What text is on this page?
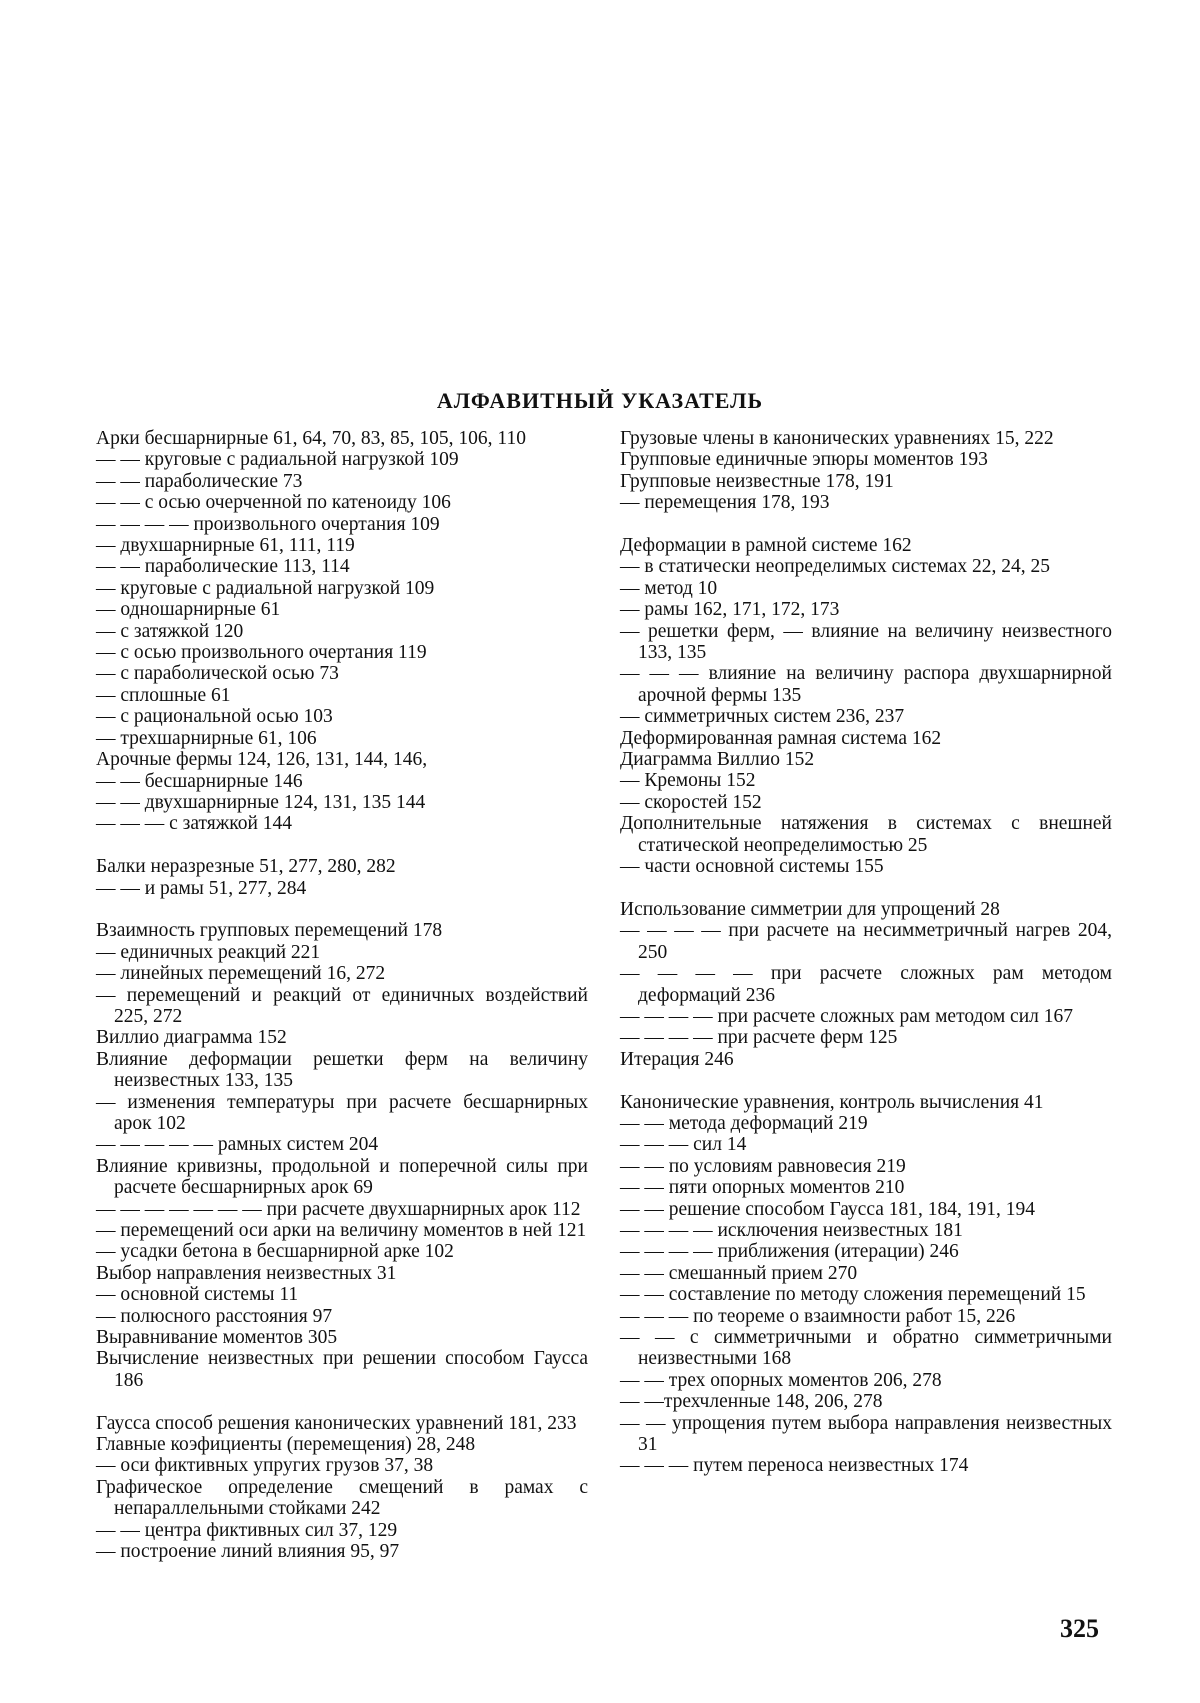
АЛФАВИТНЫЙ УКАЗАТЕЛЬ
Арки бесшарнирные 61, 64, 70, 83, 85, 105, 106, 110
— — круговые с радиальной нагрузкой 109
— — параболические 73
— — с осью очерченной по катеноиду 106
— — — — произвольного очертания 109
— двухшарнирные 61, 111, 119
— — параболические 113, 114
— круговые с радиальной нагрузкой 109
— одношарнирные 61
— с затяжкой 120
— с осью произвольного очертания 119
— с параболической осью 73
— сплошные 61
— с рациональной осью 103
— трехшарнирные 61, 106
Арочные фермы 124, 126, 131, 144, 146,
— — бесшарнирные 146
— — двухшарнирные 124, 131, 135 144
— — — с затяжкой 144
Балки неразрезные 51, 277, 280, 282
— — и рамы 51, 277, 284
Взаимность групповых перемещений 178
— единичных реакций 221
— линейных перемещений 16, 272
— перемещений и реакций от единичных воздействий 225, 272
Виллио диаграмма 152
Влияние деформации решетки ферм на величину неизвестных 133, 135
— изменения температуры при расчете бесшарнирных арок 102
— — — — — рамных систем 204
Влияние кривизны, продольной и поперечной силы при расчете бесшарнирных арок 69
— — — — — — — при расчете двухшарнирных арок 112
— перемещений оси арки на величину моментов в ней 121
— усадки бетона в бесшарнирной арке 102
Выбор направления неизвестных 31
— основной системы 11
— полюсного расстояния 97
Выравнивание моментов 305
Вычисление неизвестных при решении способом Гаусса 186
Гаусса способ решения канонических уравнений 181, 233
Главные коэфициенты (перемещения) 28, 248
— оси фиктивных упругих грузов 37, 38
Графическое определение смещений в рамах с непараллельными стойками 242
— — центра фиктивных сил 37, 129
— построение линий влияния 95, 97
Грузовые члены в канонических уравнениях 15, 222
Групповые единичные эпюры моментов 193
Групповые неизвестные 178, 191
— перемещения 178, 193
Деформации в рамной системе 162
— в статически неопределимых системах 22, 24, 25
— метод 10
— рамы 162, 171, 172, 173
— решетки ферм, — влияние на величину неизвестного 133, 135
— — — влияние на величину распора двухшарнирной арочной фермы 135
— симметричных систем 236, 237
Деформированная рамная система 162
Диаграмма Виллио 152
— Кремоны 152
— скоростей 152
Дополнительные натяжения в системах с внешней статической неопределимостью 25
— части основной системы 155
Использование симметрии для упрощений 28
— — — — при расчете на несимметричный нагрев 204, 250
— — — — при расчете сложных рам методом деформаций 236
— — — — при расчете сложных рам методом сил 167
— — — — при расчете ферм 125
Итерация 246
Канонические уравнения, контроль вычисления 41
— — метода деформаций 219
— — — сил 14
— — по условиям равновесия 219
— — пяти опорных моментов 210
— — решение способом Гаусса 181, 184, 191, 194
— — — — исключения неизвестных 181
— — — — приближения (итерации) 246
— — смешанный прием 270
— — составление по методу сложения перемещений 15
— — — по теореме о взаимности работ 15, 226
— — с симметричными и обратно симметричными неизвестными 168
— — трех опорных моментов 206, 278
— —трехчленные 148, 206, 278
— — упрощения путем выбора направления неизвестных 31
— — — путем переноса неизвестных 174
325
